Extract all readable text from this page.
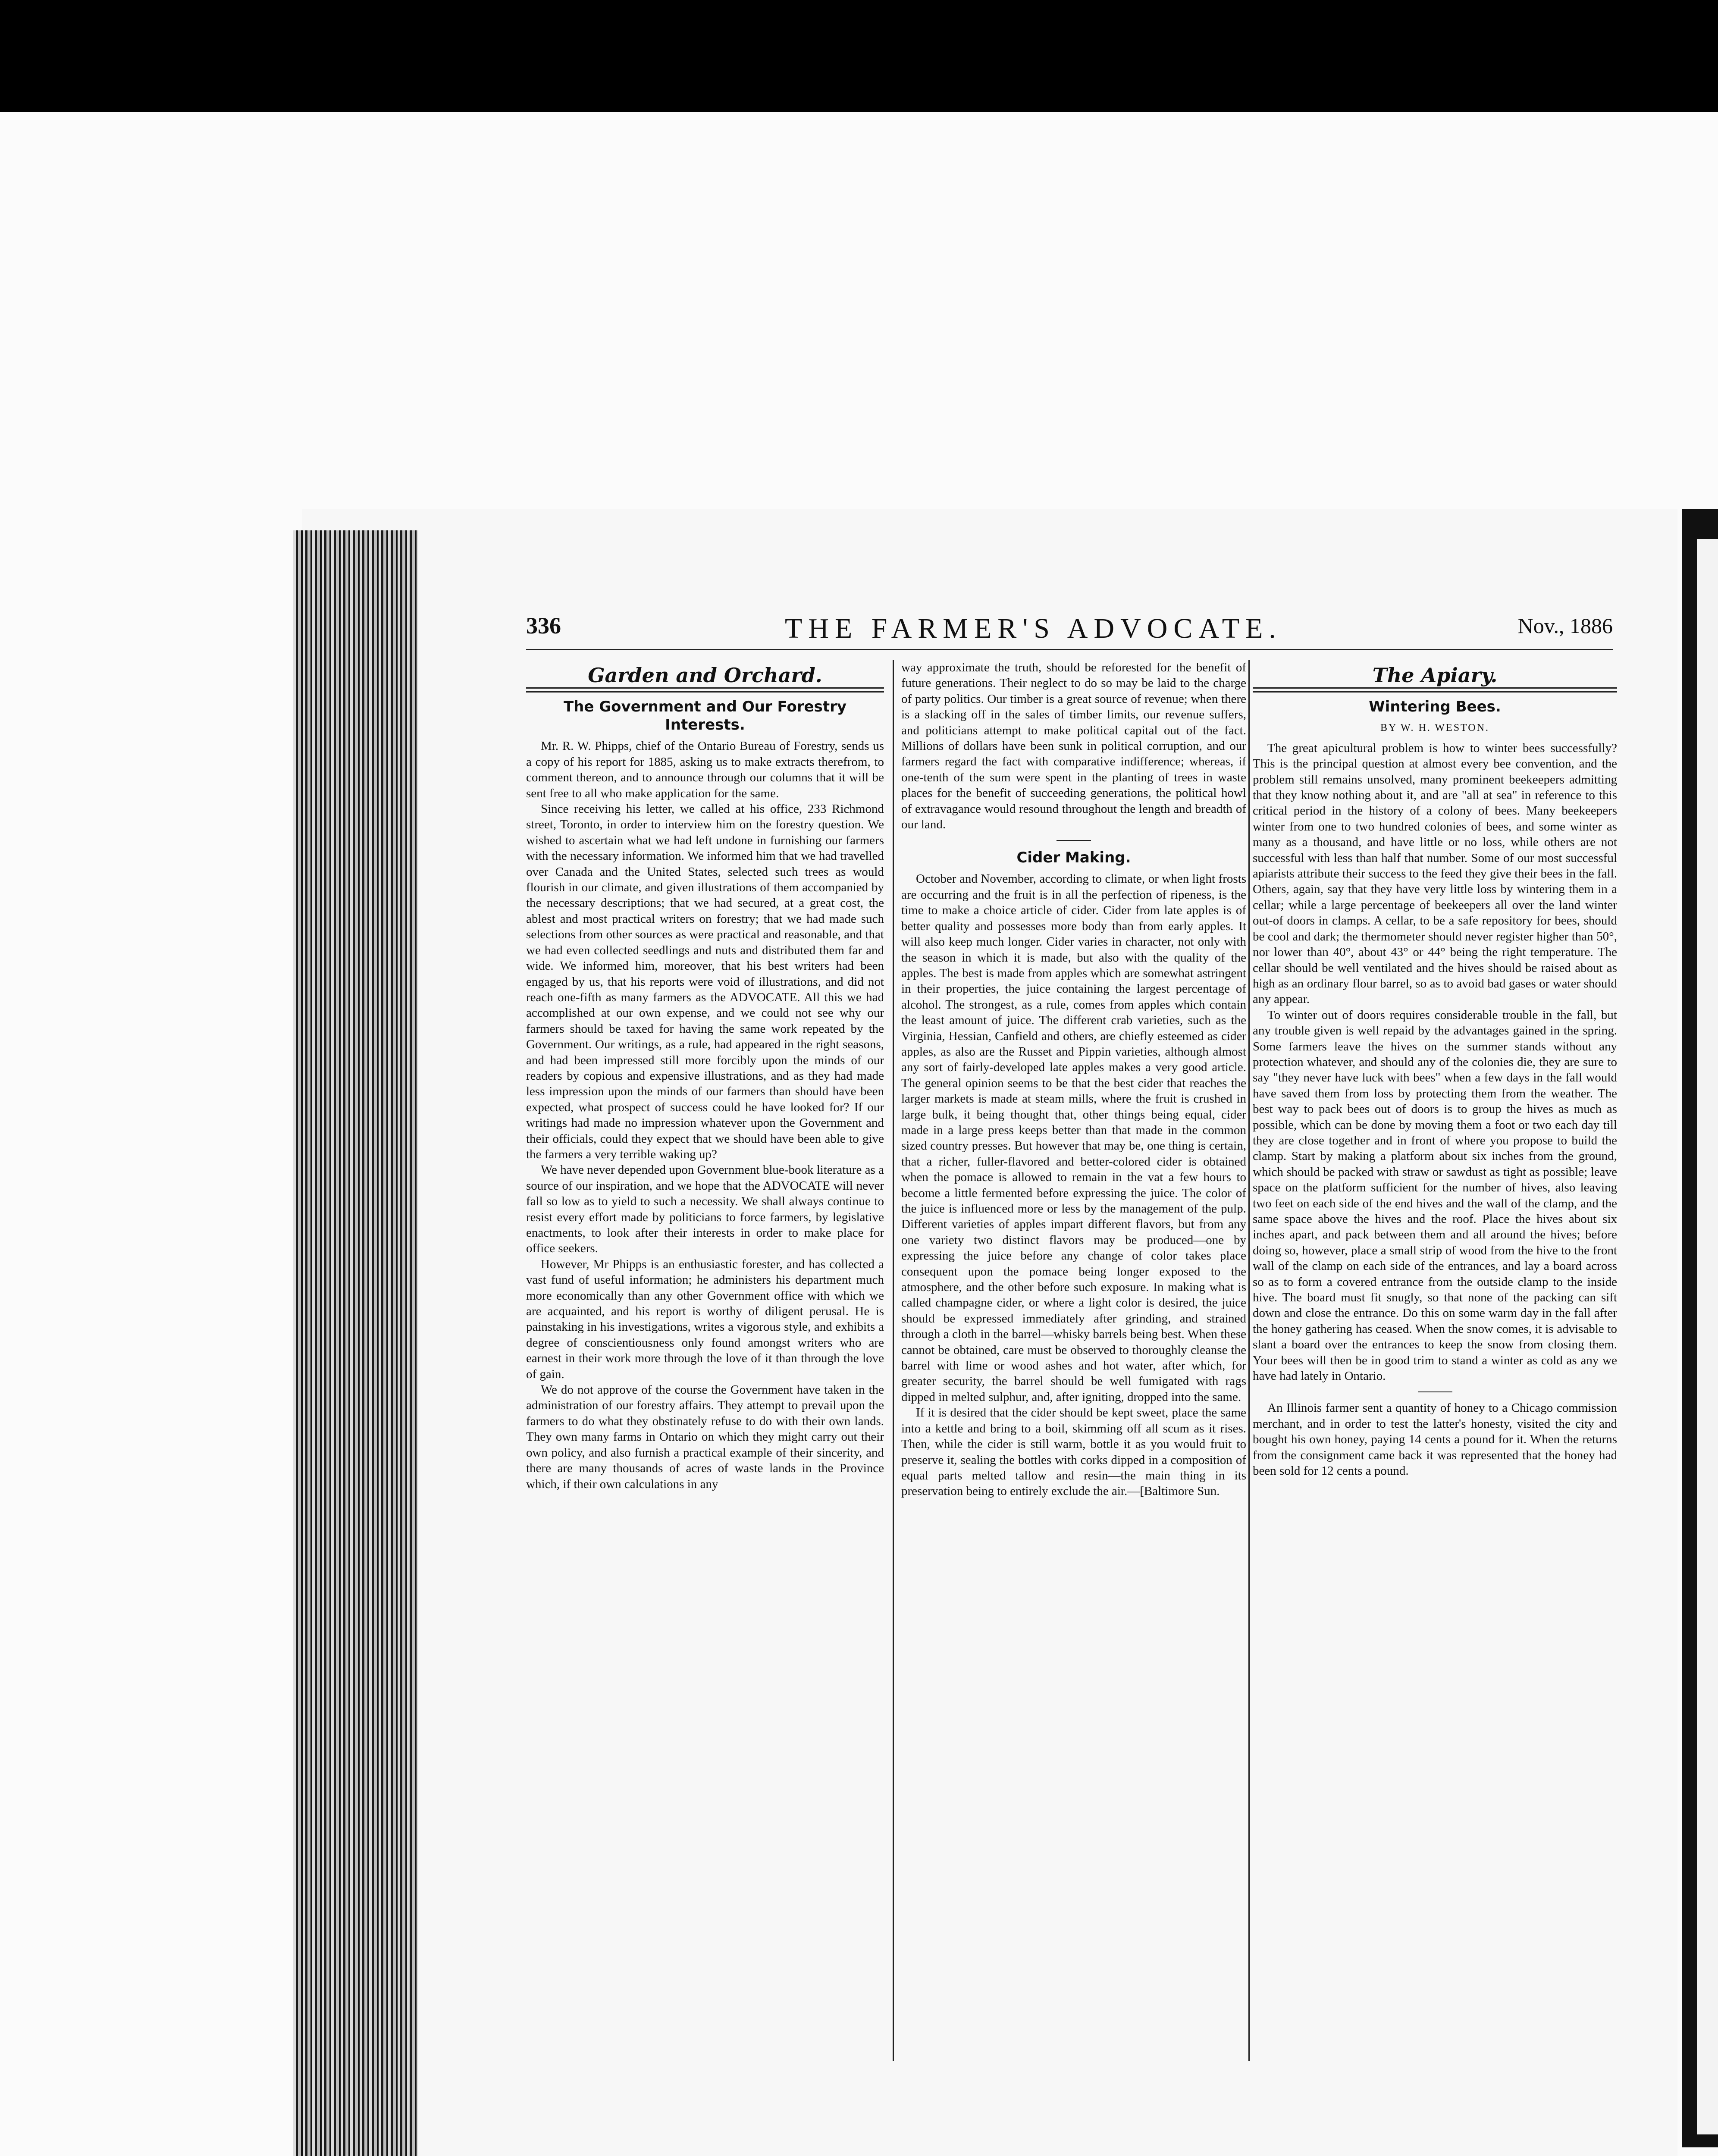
336	THE FARMER'S ADVOCATE.	Nov., 1886
Garden and Orchard.
The Government and Our Forestry Interests.

Mr. R. W. Phipps, chief of the Ontario Bureau of Forestry, sends us a copy of his report for 1885, asking us to make extracts therefrom, to comment thereon, and to announce through our columns that it will be sent free to all who make application for the same.

Since receiving his letter, we called at his office, 233 Richmond street, Toronto, in order to interview him on the forestry question. We wished to ascertain what we had left undone in furnishing our farmers with the necessary information. We informed him that we had travelled over Canada and the United States, selected such trees as would flourish in our climate, and given illustrations of them accompanied by the necessary descriptions; that we had secured, at a great cost, the ablest and most practical writers on forestry; that we had made such selections from other sources as were practical and reasonable, and that we had even collected seedlings and nuts and distributed them far and wide. We informed him, moreover, that his best writers had been engaged by us, that his reports were void of illustrations, and did not reach one-fifth as many farmers as the ADVOCATE. All this we had accomplished at our own expense, and we could not see why our farmers should be taxed for having the same work repeated by the Government. Our writings, as a rule, had appeared in the right seasons, and had been impressed still more forcibly upon the minds of our readers by copious and expensive illustrations, and as they had made less impression upon the minds of our farmers than should have been expected, what prospect of success could he have looked for? If our writings had made no impression whatever upon the Government and their officials, could they expect that we should have been able to give the farmers a very terrible waking up?

We have never depended upon Government blue-book literature as a source of our inspiration, and we hope that the ADVOCATE will never fall so low as to yield to such a necessity. We shall always continue to resist every effort made by politicians to force farmers, by legislative enactments, to look after their interests in order to make place for office seekers.

However, Mr Phipps is an enthusiastic forester, and has collected a vast fund of useful information; he administers his department much more economically than any other Government office with which we are acquainted, and his report is worthy of diligent perusal. He is painstaking in his investigations, writes a vigorous style, and exhibits a degree of conscientiousness only found amongst writers who are earnest in their work more through the love of it than through the love of gain.

We do not approve of the course the Government have taken in the administration of our forestry affairs. They attempt to prevail upon the farmers to do what they obstinately refuse to do with their own lands. They own many farms in Ontario on which they might carry out their own policy, and also furnish a practical example of their sincerity, and there are many thousands of acres of waste lands in the Province which, if their own calculations in any

way approximate the truth, should be reforested for the benefit of future generations. Their neglect to do so may be laid to the charge of party politics. Our timber is a great source of revenue; when there is a slacking off in the sales of timber limits, our revenue suffers, and politicians attempt to make political capital out of the fact. Millions of dollars have been sunk in political corruption, and our farmers regard the fact with comparative indifference; whereas, if one-tenth of the sum were spent in the planting of trees in waste places for the benefit of succeeding generations, the political howl of extravagance would resound throughout the length and breadth of our land.

Cider Making.

October and November, according to climate, or when light frosts are occurring and the fruit is in all the perfection of ripeness, is the time to make a choice article of cider. Cider from late apples is of better quality and possesses more body than from early apples. It will also keep much longer. Cider varies in character, not only with the season in which it is made, but also with the quality of the apples. The best is made from apples which are somewhat astringent in their properties, the juice containing the largest percentage of alcohol. The strongest, as a rule, comes from apples which contain the least amount of juice. The different crab varieties, such as the Virginia, Hessian, Canfield and others, are chiefly esteemed as cider apples, as also are the Russet and Pippin varieties, although almost any sort of fairly-developed late apples makes a very good article. The general opinion seems to be that the best cider that reaches the larger markets is made at steam mills, where the fruit is crushed in large bulk, it being thought that, other things being equal, cider made in a large press keeps better than that made in the common sized country presses. But however that may be, one thing is certain, that a richer, fuller-flavored and better-colored cider is obtained when the pomace is allowed to remain in the vat a few hours to become a little fermented before expressing the juice. The color of the juice is influenced more or less by the management of the pulp. Different varieties of apples impart different flavors, but from any one variety two distinct flavors may be produced—one by expressing the juice before any change of color takes place consequent upon the pomace being longer exposed to the atmosphere, and the other before such exposure. In making what is called champagne cider, or where a light color is desired, the juice should be expressed immediately after grinding, and strained through a cloth in the barrel—whisky barrels being best. When these cannot be obtained, care must be observed to thoroughly cleanse the barrel with lime or wood ashes and hot water, after which, for greater security, the barrel should be well fumigated with rags dipped in melted sulphur, and, after igniting, dropped into the same.

If it is desired that the cider should be kept sweet, place the same into a kettle and bring to a boil, skimming off all scum as it rises. Then, while the cider is still warm, bottle it as you would fruit to preserve it, sealing the bottles with corks dipped in a composition of equal parts melted tallow and resin—the main thing in its preservation being to entirely exclude the air.—[Baltimore Sun.

The Apiary.
Wintering Bees.
BY W. H. WESTON.

The great apicultural problem is how to winter bees successfully? This is the principal question at almost every bee convention, and the problem still remains unsolved, many prominent beekeepers admitting that they know nothing about it, and are "all at sea" in reference to this critical period in the history of a colony of bees. Many beekeepers winter from one to two hundred colonies of bees, and some winter as many as a thousand, and have little or no loss, while others are not successful with less than half that number. Some of our most successful apiarists attribute their success to the feed they give their bees in the fall. Others, again, say that they have very little loss by wintering them in a cellar; while a large percentage of beekeepers all over the land winter out-of doors in clamps. A cellar, to be a safe repository for bees, should be cool and dark; the thermometer should never register higher than 50°, nor lower than 40°, about 43° or 44° being the right temperature. The cellar should be well ventilated and the hives should be raised about as high as an ordinary flour barrel, so as to avoid bad gases or water should any appear.

To winter out of doors requires considerable trouble in the fall, but any trouble given is well repaid by the advantages gained in the spring. Some farmers leave the hives on the summer stands without any protection whatever, and should any of the colonies die, they are sure to say "they never have luck with bees" when a few days in the fall would have saved them from loss by protecting them from the weather. The best way to pack bees out of doors is to group the hives as much as possible, which can be done by moving them a foot or two each day till they are close together and in front of where you propose to build the clamp. Start by making a platform about six inches from the ground, which should be packed with straw or sawdust as tight as possible; leave space on the platform sufficient for the number of hives, also leaving two feet on each side of the end hives and the wall of the clamp, and the same space above the hives and the roof. Place the hives about six inches apart, and pack between them and all around the hives; before doing so, however, place a small strip of wood from the hive to the front wall of the clamp on each side of the entrances, and lay a board across so as to form a covered entrance from the outside clamp to the inside hive. The board must fit snugly, so that none of the packing can sift down and close the entrance. Do this on some warm day in the fall after the honey gathering has ceased. When the snow comes, it is advisable to slant a board over the entrances to keep the snow from closing them. Your bees will then be in good trim to stand a winter as cold as any we have had lately in Ontario.

An Illinois farmer sent a quantity of honey to a Chicago commission merchant, and in order to test the latter's honesty, visited the city and bought his own honey, paying 14 cents a pound for it. When the returns from the consignment came back it was represented that the honey had been sold for 12 cents a pound.
